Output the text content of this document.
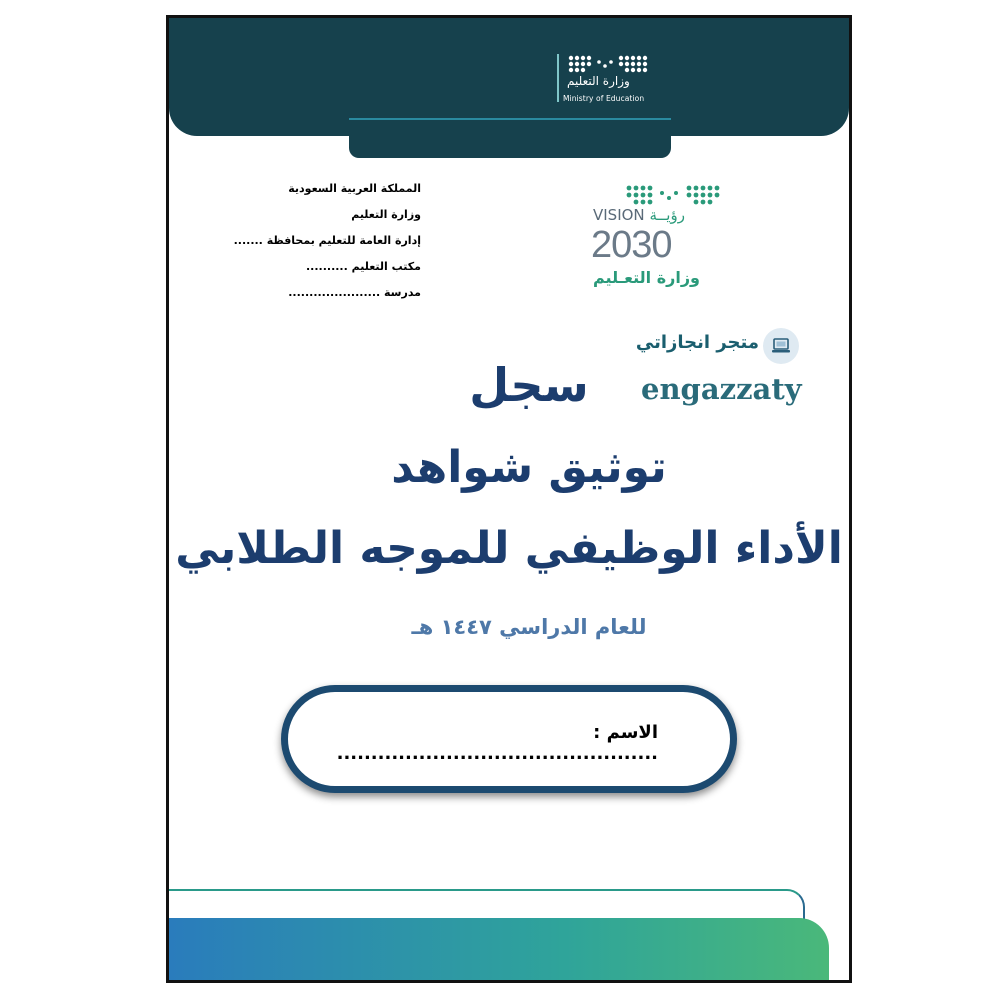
وزارة التعليم
Ministry of Education
المملكة العربية السعودية
وزارة التعليم
إدارة العامة للتعليم بمحافظة .......
مكتب التعليم ..........
مدرسة ......................
VISION رؤيــة
2030
وزارة التعـليم
متجر انجازاتي
engazzaty
سجل
توثيق شواهد
الأداء الوظيفي للموجه الطلابي
للعام الدراسي ١٤٤٧ هـ
الاسم : ...............................................
